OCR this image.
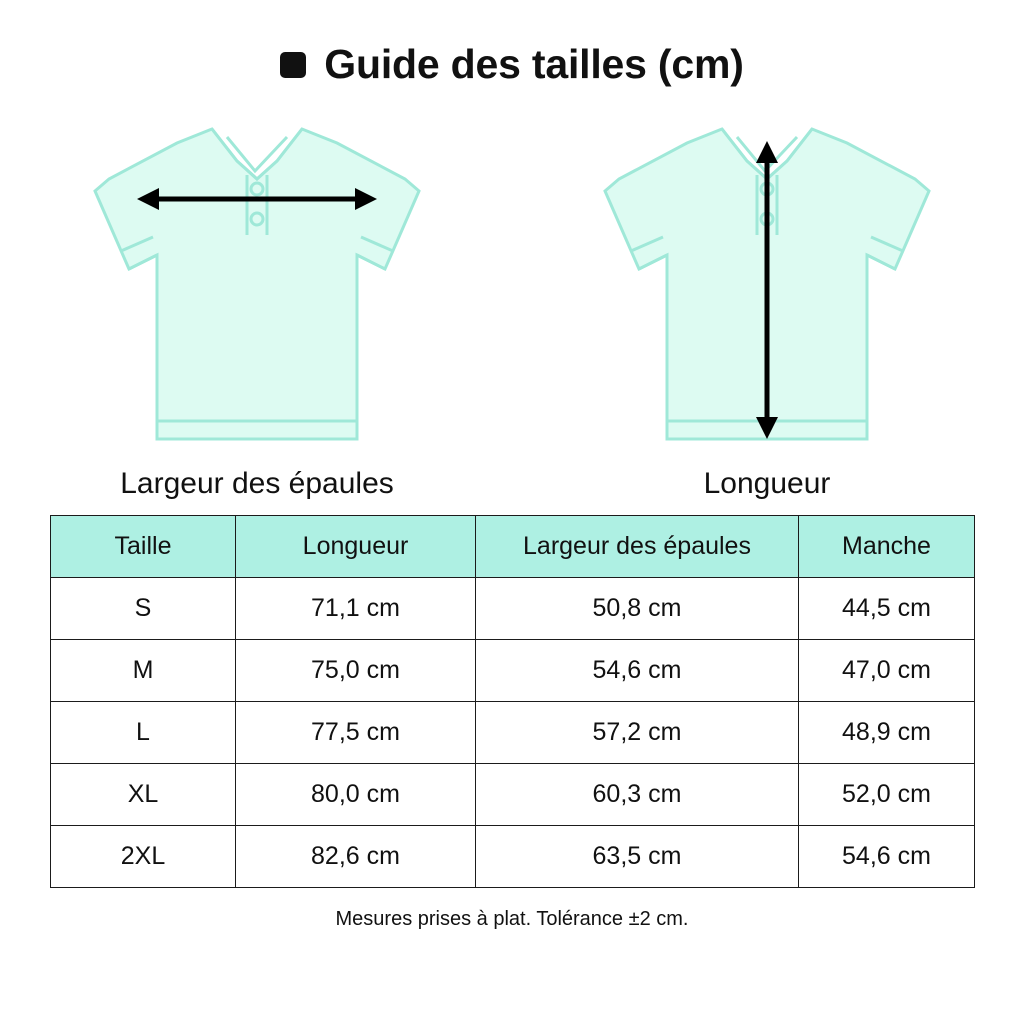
Guide des tailles (cm)
Largeur des épaules	Longueur
Taille	Longueur	Largeur des épaules	Manche
S	71,1 cm	50,8 cm	44,5 cm
M	75,0 cm	54,6 cm	47,0 cm
L	77,5 cm	57,2 cm	48,9 cm
XL	80,0 cm	60,3 cm	52,0 cm
2XL	82,6 cm	63,5 cm	54,6 cm
Mesures prises à plat. Tolérance ±2 cm.
